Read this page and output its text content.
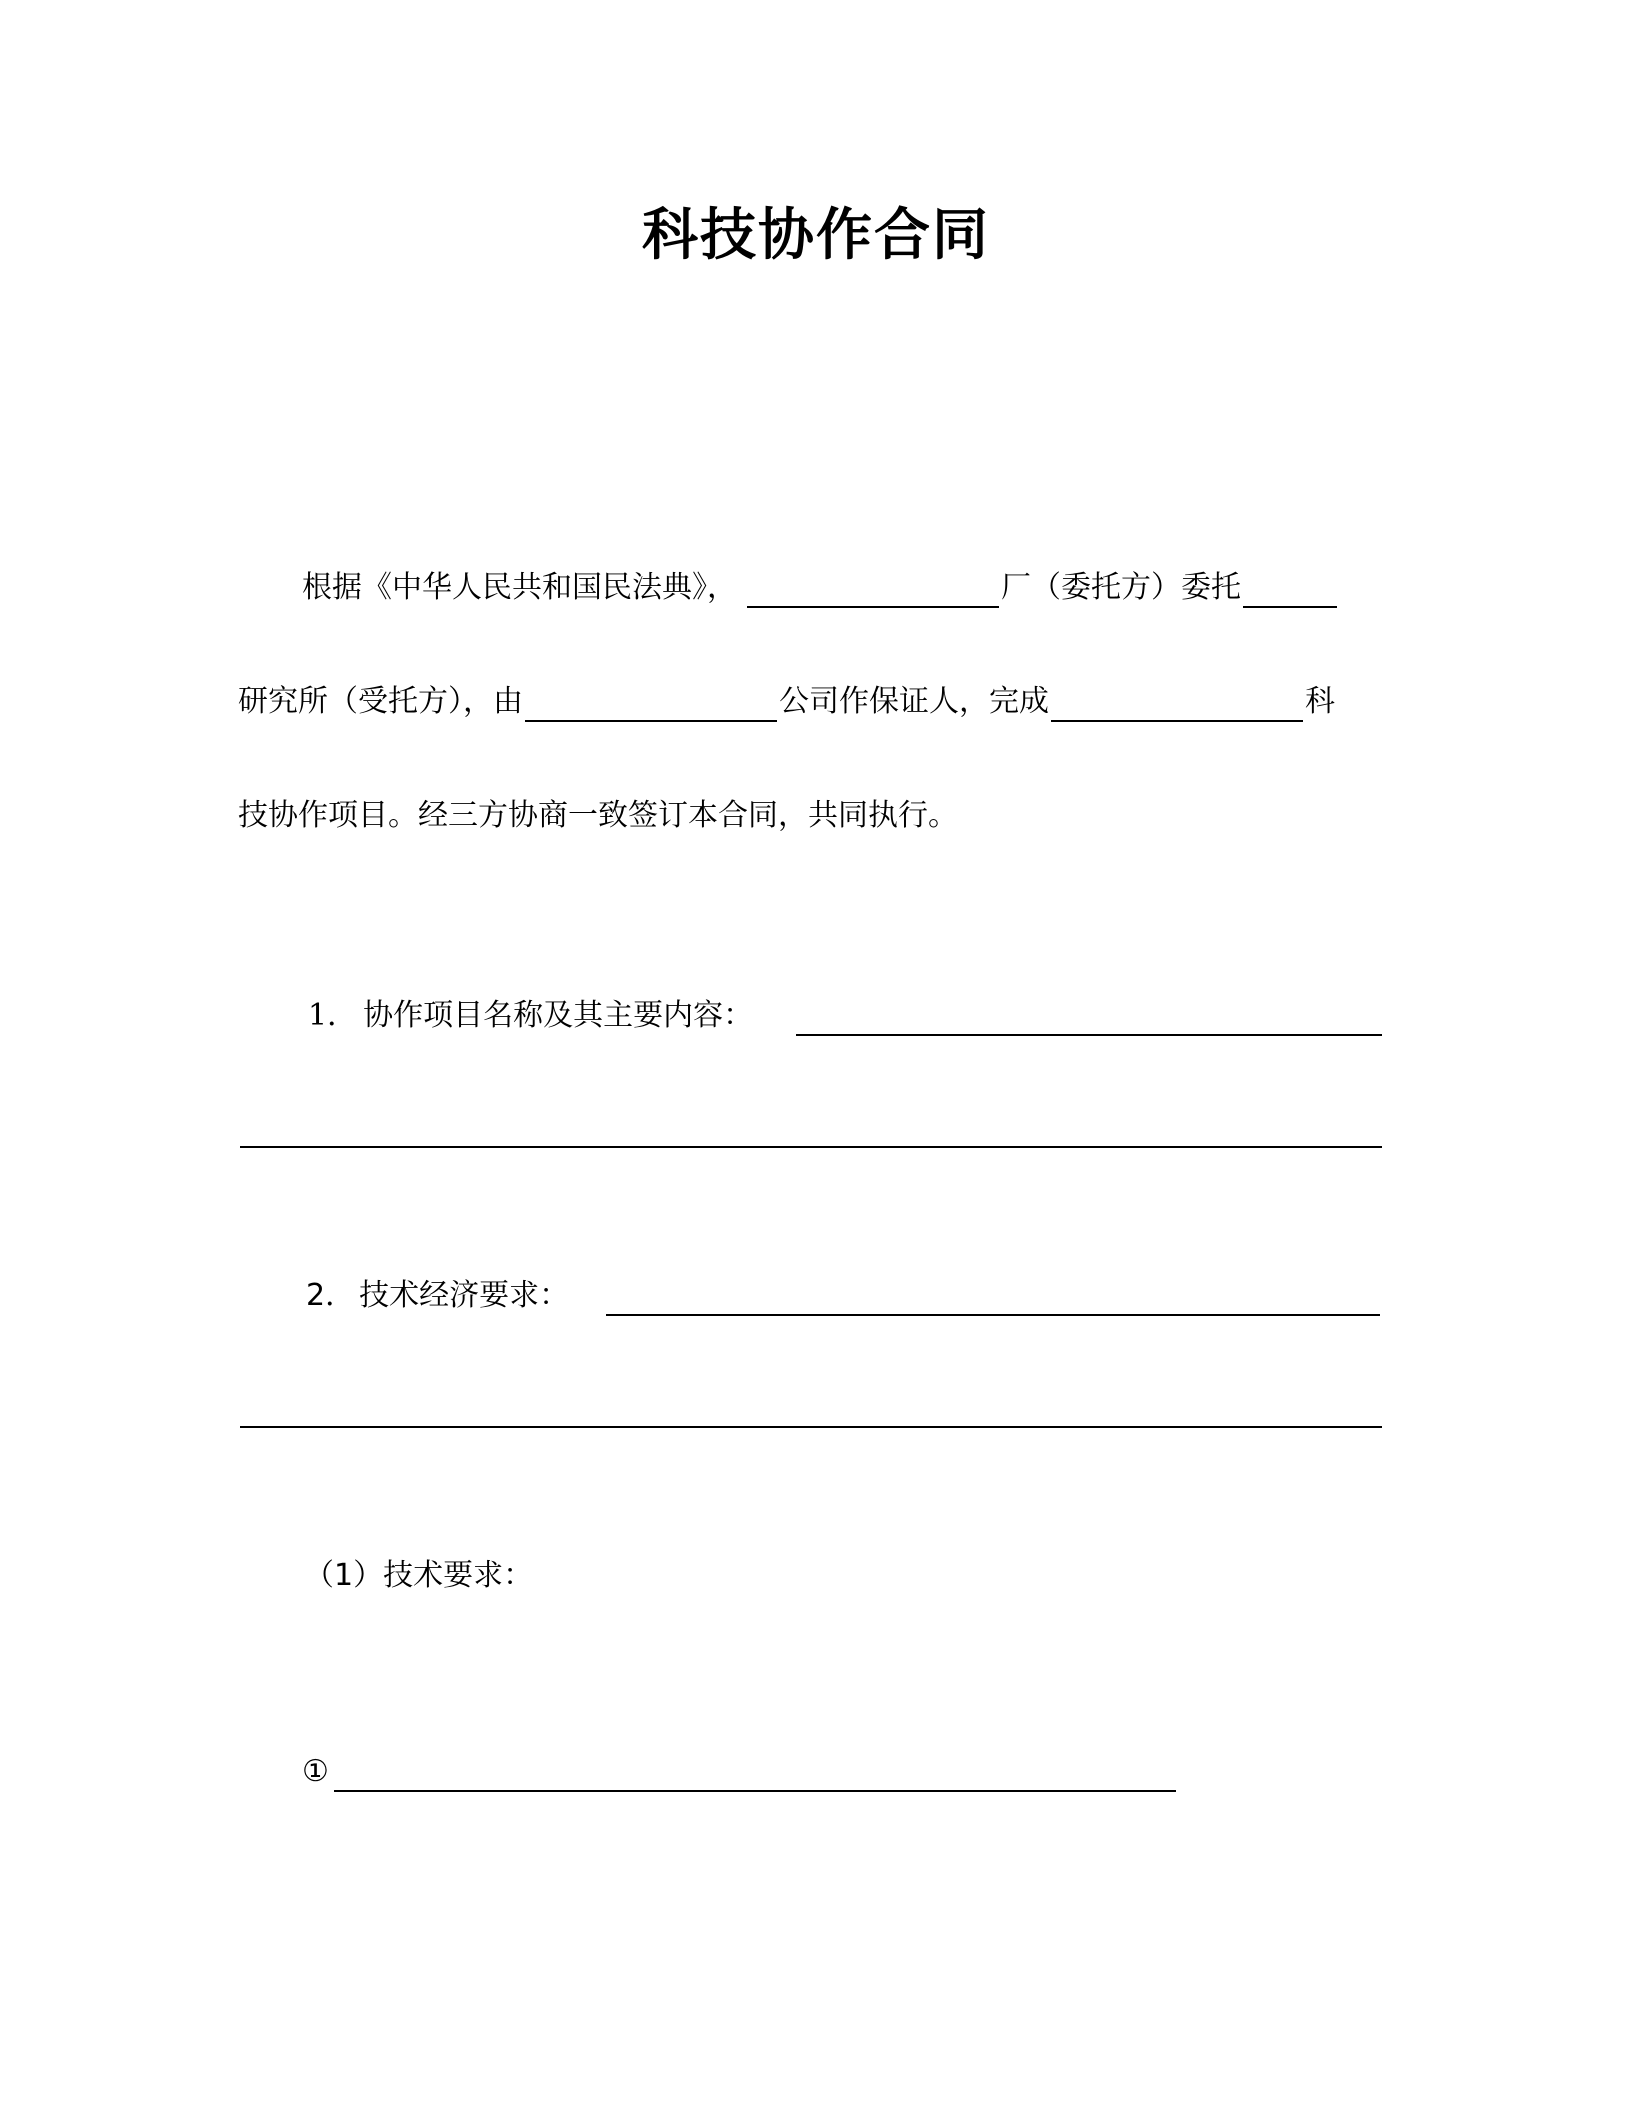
科技协作合同
根据《中华人民共和国民法典》，	厂（委托方）委托
研究所（受托方），由	公司作保证人，完成	科
技协作项目。经三方协商一致签订本合同，共同执行。
1． 协作项目名称及其主要内容：
2． 技术经济要求：
（1）技术要求：
①
